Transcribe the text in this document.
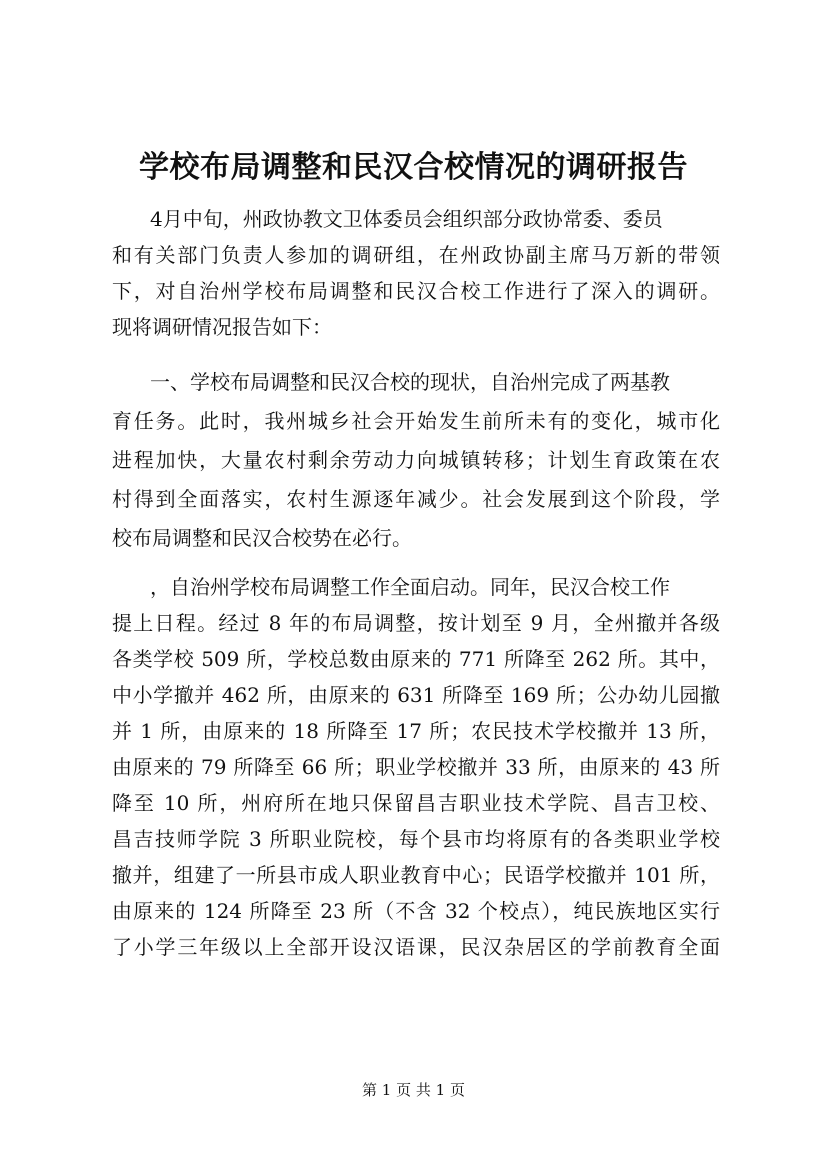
学校布局调整和民汉合校情况的调研报告
4月中旬，州政协教文卫体委员会组织部分政协常委、委员
和有关部门负责人参加的调研组，在州政协副主席马万新的带领
下，对自治州学校布局调整和民汉合校工作进行了深入的调研。
现将调研情况报告如下：
一、学校布局调整和民汉合校的现状，自治州完成了两基教
育任务。此时，我州城乡社会开始发生前所未有的变化，城市化
进程加快，大量农村剩余劳动力向城镇转移；计划生育政策在农
村得到全面落实，农村生源逐年减少。社会发展到这个阶段，学
校布局调整和民汉合校势在必行。
，自治州学校布局调整工作全面启动。同年，民汉合校工作
提上日程。经过 8 年的布局调整，按计划至 9 月，全州撤并各级
各类学校 509 所，学校总数由原来的 771 所降至 262 所。其中，
中小学撤并 462 所，由原来的 631 所降至 169 所；公办幼儿园撤
并 1 所，由原来的 18 所降至 17 所；农民技术学校撤并 13 所，
由原来的 79 所降至 66 所；职业学校撤并 33 所，由原来的 43 所
降至 10 所，州府所在地只保留昌吉职业技术学院、昌吉卫校、
昌吉技师学院 3 所职业院校，每个县市均将原有的各类职业学校
撤并，组建了一所县市成人职业教育中心；民语学校撤并 101 所，
由原来的 124 所降至 23 所（不含 32 个校点），纯民族地区实行
了小学三年级以上全部开设汉语课，民汉杂居区的学前教育全面
第 1 页 共 1 页
